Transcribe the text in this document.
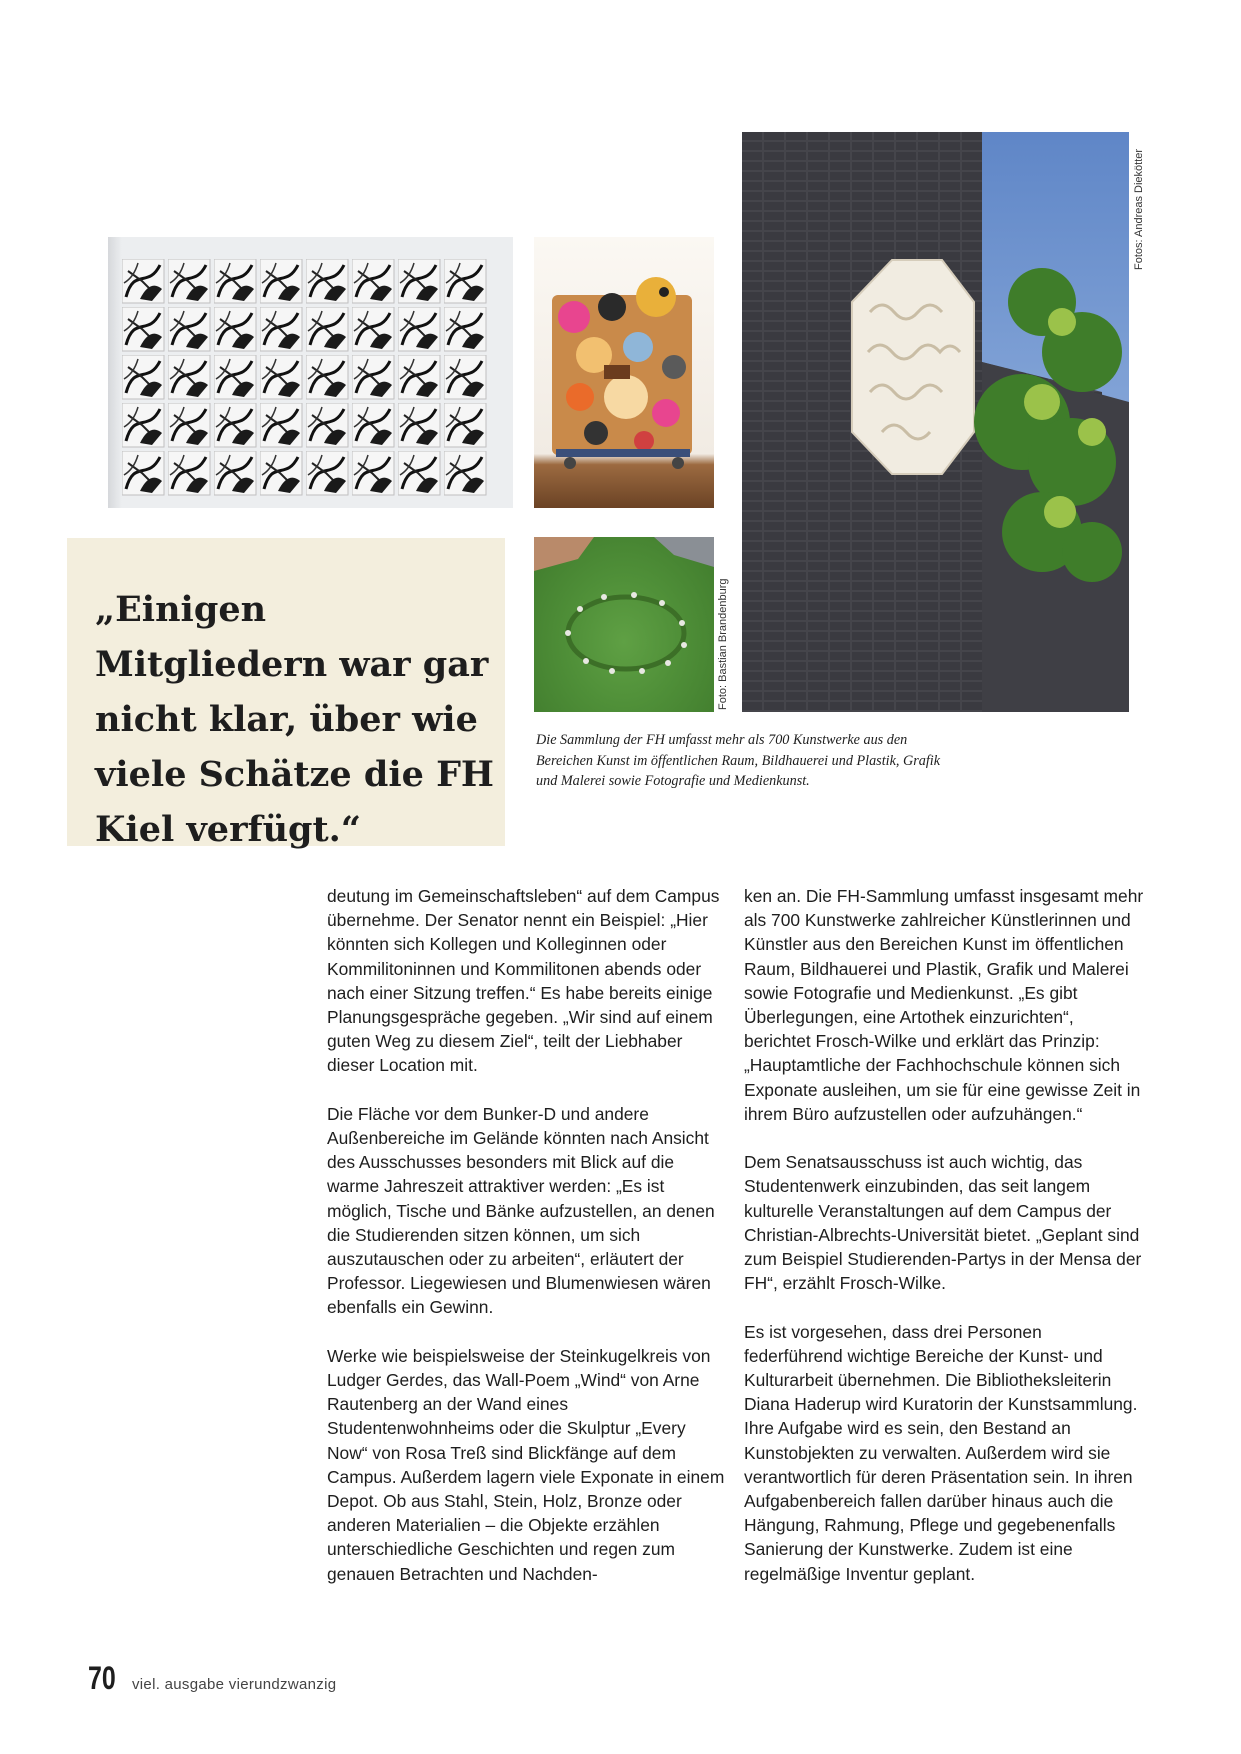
Foto: Bastian Brandenburg
Fotos: Andreas Diekötter

„Einigen Mitgliedern war gar nicht klar, über wie viele Schätze die FH Kiel verfügt.“

Die Sammlung der FH umfasst mehr als 700 Kunstwerke aus den Bereichen Kunst im öffentlichen Raum, Bildhauerei und Plastik, Grafik und Malerei sowie Fotografie und Medienkunst.

deutung im Gemeinschaftsleben“ auf dem Campus übernehme. Der Senator nennt ein Beispiel: „Hier könnten sich Kollegen und Kolleginnen oder Kommilitoninnen und Kommilitonen abends oder nach einer Sitzung treffen.“ Es habe bereits einige Planungsgespräche gegeben. „Wir sind auf einem guten Weg zu diesem Ziel“, teilt der Liebhaber dieser Location mit.

Die Fläche vor dem Bunker-D und andere Außenbereiche im Gelände könnten nach Ansicht des Ausschusses besonders mit Blick auf die warme Jahreszeit attraktiver werden: „Es ist möglich, Tische und Bänke aufzustellen, an denen die Studierenden sitzen können, um sich auszutauschen oder zu arbeiten“, erläutert der Professor. Liegewiesen und Blumenwiesen wären ebenfalls ein Gewinn.

Werke wie beispielsweise der Steinkugelkreis von Ludger Gerdes, das Wall-Poem „Wind“ von Arne Rautenberg an der Wand eines Studentenwohnheims oder die Skulptur „Every Now“ von Rosa Treß sind Blickfänge auf dem Campus. Außerdem lagern viele Exponate in einem Depot. Ob aus Stahl, Stein, Holz, Bronze oder anderen Materialien – die Objekte erzählen unterschiedliche Geschichten und regen zum genauen Betrachten und Nachden-

ken an. Die FH-Sammlung umfasst insgesamt mehr als 700 Kunstwerke zahlreicher Künstlerinnen und Künstler aus den Bereichen Kunst im öffentlichen Raum, Bildhauerei und Plastik, Grafik und Malerei sowie Fotografie und Medienkunst. „Es gibt Überlegungen, eine Artothek einzurichten“, berichtet Frosch-Wilke und erklärt das Prinzip: „Hauptamtliche der Fachhochschule können sich Exponate ausleihen, um sie für eine gewisse Zeit in ihrem Büro aufzustellen oder aufzuhängen.“

Dem Senatsausschuss ist auch wichtig, das Studentenwerk einzubinden, das seit langem kulturelle Veranstaltungen auf dem Campus der Christian-Albrechts-Universität bietet. „Geplant sind zum Beispiel Studierenden-Partys in der Mensa der FH“, erzählt Frosch-Wilke.

Es ist vorgesehen, dass drei Personen federführend wichtige Bereiche der Kunst- und Kulturarbeit übernehmen. Die Bibliotheksleiterin Diana Haderup wird Kuratorin der Kunstsammlung. Ihre Aufgabe wird es sein, den Bestand an Kunstobjekten zu verwalten. Außerdem wird sie verantwortlich für deren Präsentation sein. In ihren Aufgabenbereich fallen darüber hinaus auch die Hängung, Rahmung, Pflege und gegebenenfalls Sanierung der Kunstwerke. Zudem ist eine regelmäßige Inventur geplant.

70 viel. ausgabe vierundzwanzig
